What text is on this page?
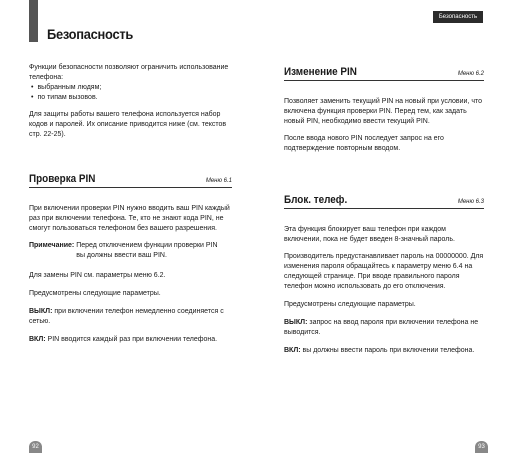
Безопасность
Безопасность

Функции безопасности позволяют ограничить использование телефона:

• выбранным людям;
• по типам вызовов.

Для защиты работы вашего телефона используется набор кодов и паролей. Их описание приводится ниже (см. текстов стр. 22-25).

Проверка PIN	Меню 6.1

При включении проверки PIN нужно вводить ваш PIN каждый раз при включении телефона. Те, кто не знают кода PIN, не смогут пользоваться телефоном без вашего разрешения.

Примечание: Перед отключением функции проверки PIN вы должны ввести ваш PIN.

Для замены PIN см. параметры меню 6.2.

Предусмотрены следующие параметры.

ВЫКЛ: при включении телефон немедленно соединяется с сетью.

ВКЛ: PIN вводится каждый раз при включении телефона.

Изменение PIN	Меню 6.2

Позволяет заменить текущий PIN на новый при условии, что включена функция проверки PIN. Перед тем, как задать новый PIN, необходимо ввести текущий PIN.

После ввода нового PIN последует запрос на его подтверждение повторным вводом.

Блок. телеф.	Меню 6.3

Эта функция блокирует ваш телефон при каждом включении, пока не будет введен 8-значный пароль.

Производитель предустанавливает пароль на 00000000. Для изменения пароля обращайтесь к параметру меню 6.4 на следующей странице. При вводе правильного пароля телефон можно использовать до его отключения.

Предусмотрены следующие параметры.

ВЫКЛ: запрос на ввод пароля при включении телефона не выводится.

ВКЛ: вы должны ввести пароль при включении телефона.

92	93
